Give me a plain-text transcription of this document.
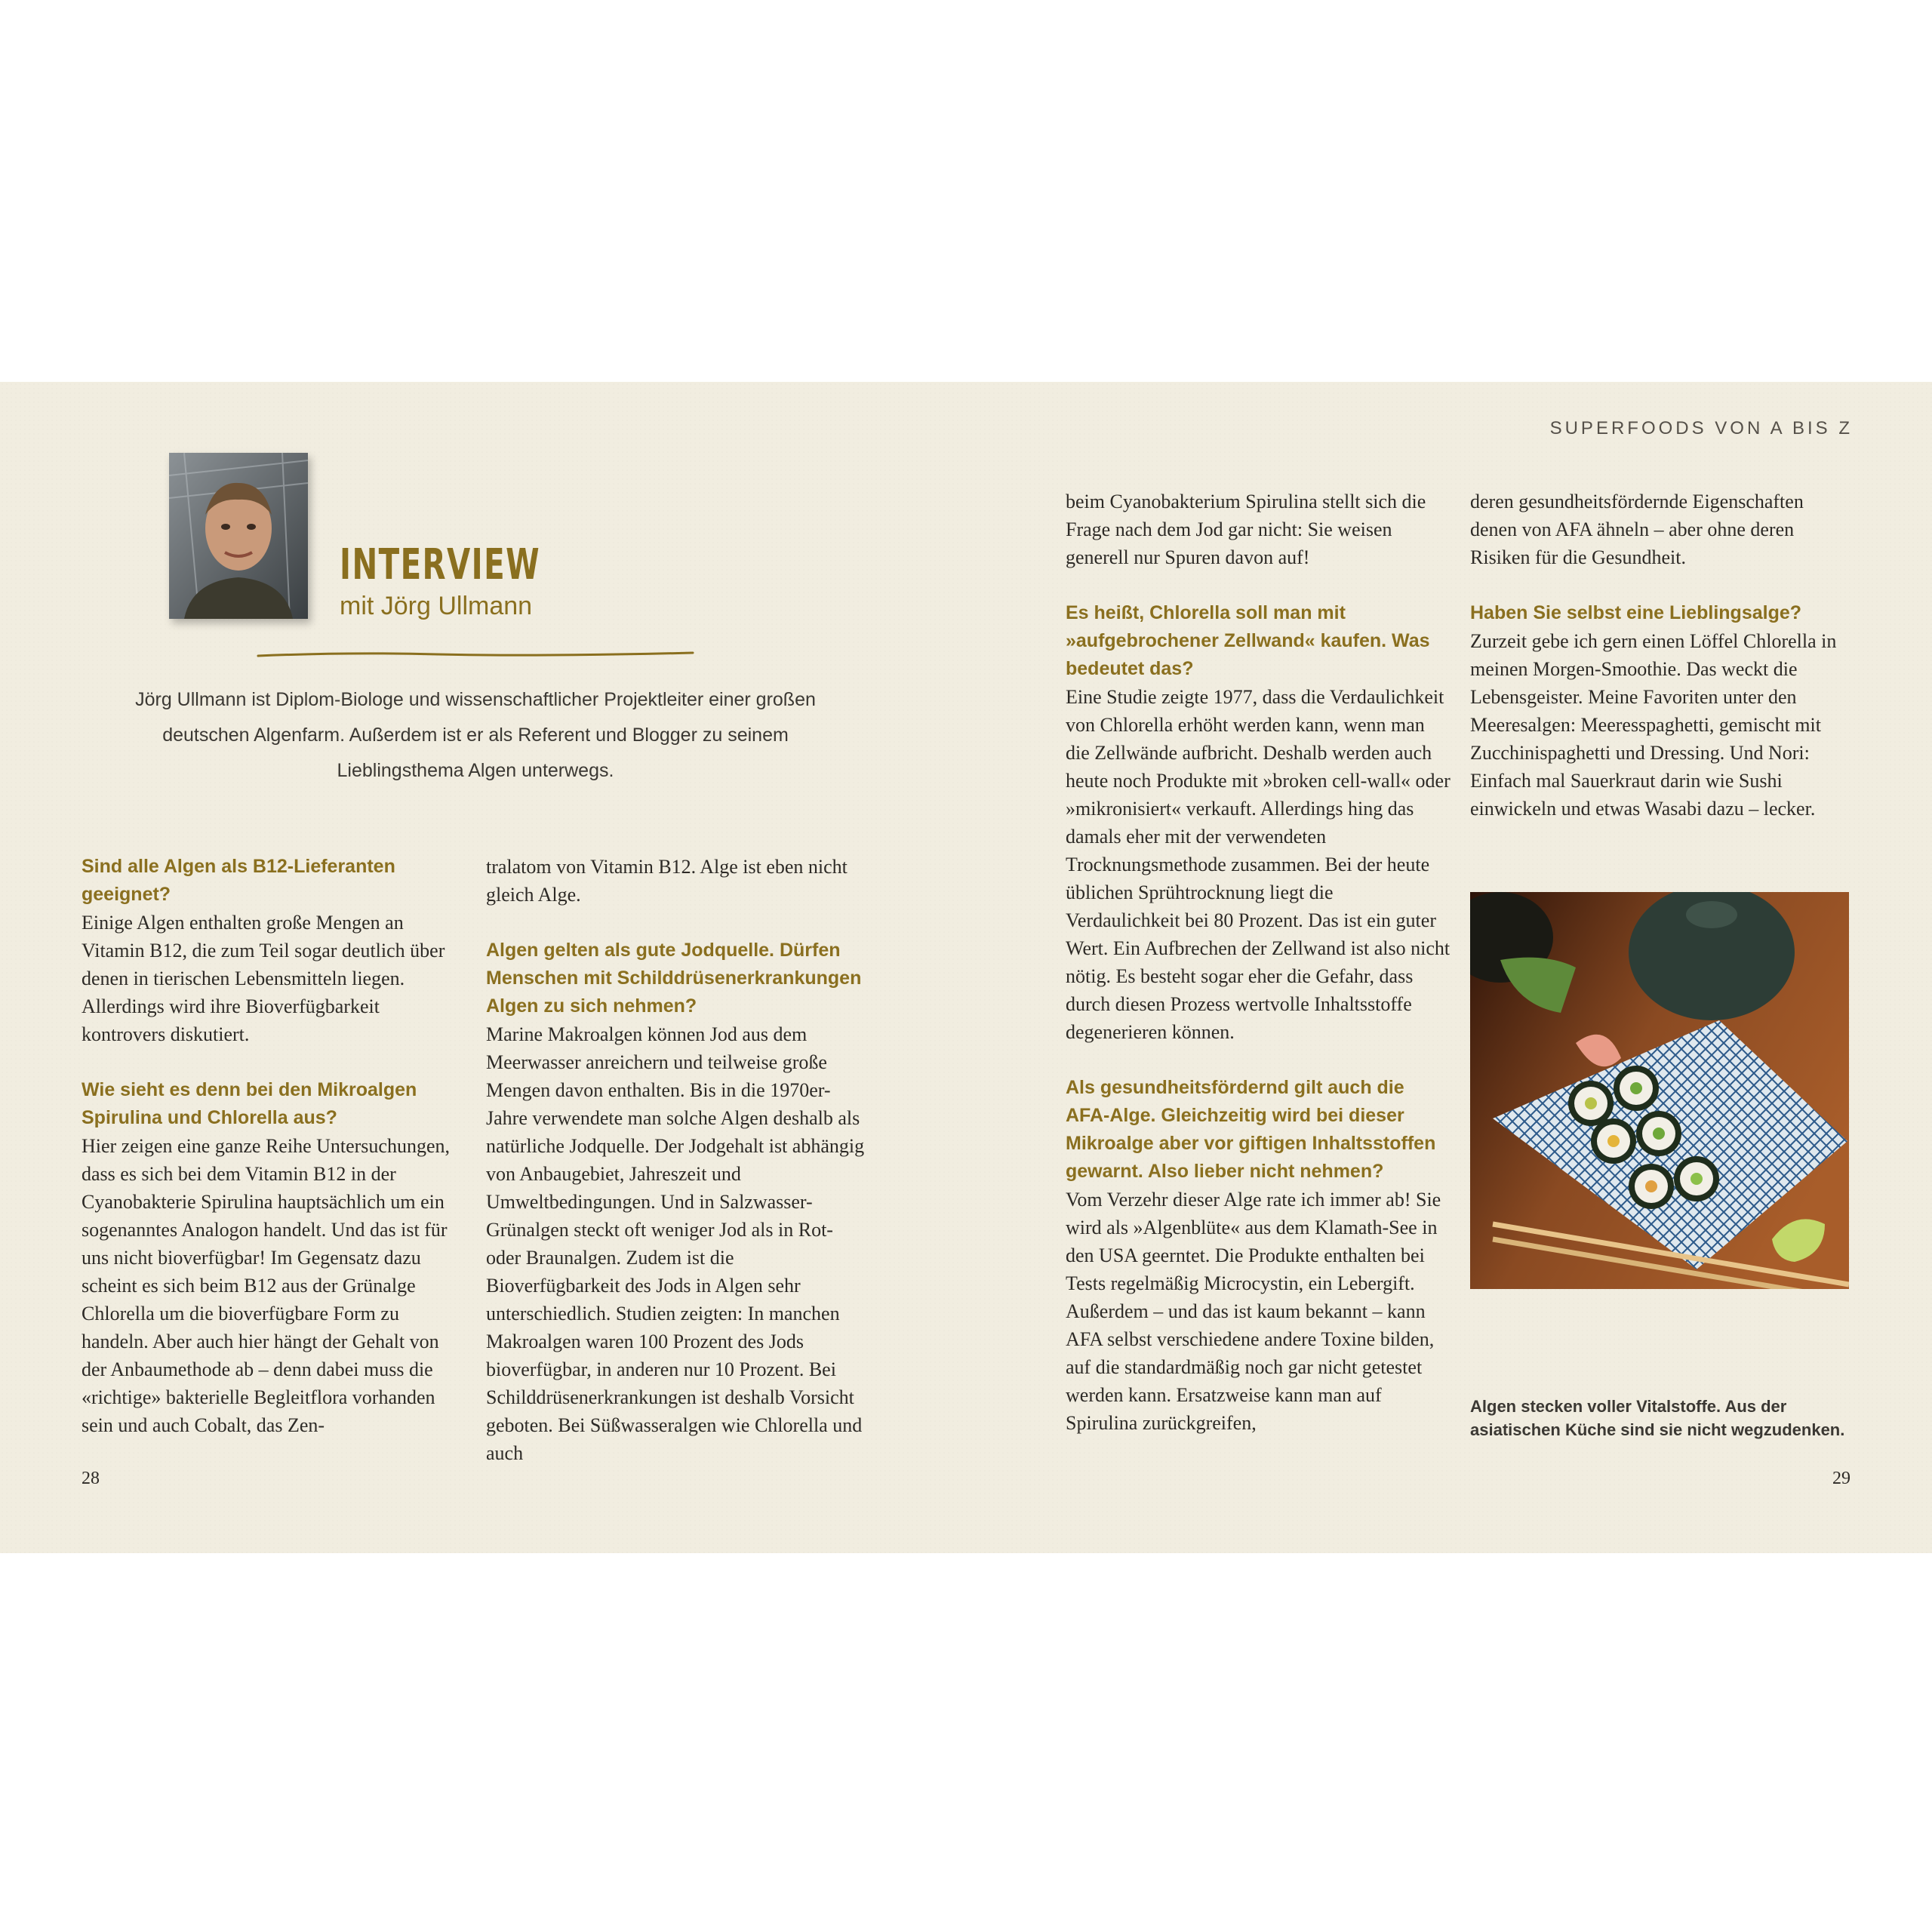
SUPERFOODS VON A BIS Z
INTERVIEW
mit Jörg Ullmann
Jörg Ullmann ist Diplom-Biologe und wissenschaftlicher Projektleiter einer großen deutschen Algenfarm. Außerdem ist er als Referent und Blogger zu seinem Lieblingsthema Algen unterwegs.

Sind alle Algen als B12-Lieferanten geeignet?

Einige Algen enthalten große Mengen an Vitamin B12, die zum Teil sogar deutlich über denen in tierischen Lebensmitteln liegen. Allerdings wird ihre Bioverfügbarkeit kontrovers diskutiert.

Wie sieht es denn bei den Mikroalgen Spirulina und Chlorella aus?

Hier zeigen eine ganze Reihe Untersuchungen, dass es sich bei dem Vitamin B12 in der Cyanobakterie Spirulina hauptsächlich um ein sogenanntes Analogon handelt. Und das ist für uns nicht bioverfügbar! Im Gegensatz dazu scheint es sich beim B12 aus der Grünalge Chlorella um die bioverfügbare Form zu handeln. Aber auch hier hängt der Gehalt von der Anbaumethode ab – denn dabei muss die «richtige» bakterielle Begleitflora vorhanden sein und auch Cobalt, das Zen-

tralatom von Vitamin B12. Alge ist eben nicht gleich Alge.

Algen gelten als gute Jodquelle. Dürfen Menschen mit Schilddrüsenerkrankungen Algen zu sich nehmen?

Marine Makroalgen können Jod aus dem Meerwasser anreichern und teilweise große Mengen davon enthalten. Bis in die 1970er-Jahre verwendete man solche Algen deshalb als natürliche Jodquelle. Der Jodgehalt ist abhängig von Anbaugebiet, Jahreszeit und Umweltbedingungen. Und in Salzwasser-Grünalgen steckt oft weniger Jod als in Rot- oder Braunalgen. Zudem ist die Bioverfügbarkeit des Jods in Algen sehr unterschiedlich. Studien zeigten: In manchen Makroalgen waren 100 Prozent des Jods bioverfügbar, in anderen nur 10 Prozent. Bei Schilddrüsenerkrankungen ist deshalb Vorsicht geboten. Bei Süßwasseralgen wie Chlorella und auch

beim Cyanobakterium Spirulina stellt sich die Frage nach dem Jod gar nicht: Sie weisen generell nur Spuren davon auf!

Es heißt, Chlorella soll man mit »aufgebrochener Zellwand« kaufen. Was bedeutet das?

Eine Studie zeigte 1977, dass die Verdaulichkeit von Chlorella erhöht werden kann, wenn man die Zellwände aufbricht. Deshalb werden auch heute noch Produkte mit »broken cell-wall« oder »mikronisiert« verkauft. Allerdings hing das damals eher mit der verwendeten Trocknungsmethode zusammen. Bei der heute üblichen Sprühtrocknung liegt die Verdaulichkeit bei 80 Prozent. Das ist ein guter Wert. Ein Aufbrechen der Zellwand ist also nicht nötig. Es besteht sogar eher die Gefahr, dass durch diesen Prozess wertvolle Inhaltsstoffe degenerieren können.

Als gesundheitsfördernd gilt auch die AFA-Alge. Gleichzeitig wird bei dieser Mikroalge aber vor giftigen Inhaltsstoffen gewarnt. Also lieber nicht nehmen?

Vom Verzehr dieser Alge rate ich immer ab! Sie wird als »Algenblüte« aus dem Klamath-See in den USA geerntet. Die Produkte enthalten bei Tests regelmäßig Microcystin, ein Lebergift. Außerdem – und das ist kaum bekannt – kann AFA selbst verschiedene andere Toxine bilden, auf die standardmäßig noch gar nicht getestet werden kann. Ersatzweise kann man auf Spirulina zurückgreifen,

deren gesundheitsfördernde Eigenschaften denen von AFA ähneln – aber ohne deren Risiken für die Gesundheit.

Haben Sie selbst eine Lieblingsalge?

Zurzeit gebe ich gern einen Löffel Chlorella in meinen Morgen-Smoothie. Das weckt die Lebensgeister. Meine Favoriten unter den Meeresalgen: Meeresspaghetti, gemischt mit Zucchinispaghetti und Dressing. Und Nori: Einfach mal Sauerkraut darin wie Sushi einwickeln und etwas Wasabi dazu – lecker.

Algen stecken voller Vitalstoffe. Aus der asiatischen Küche sind sie nicht wegzudenken.
28	29
